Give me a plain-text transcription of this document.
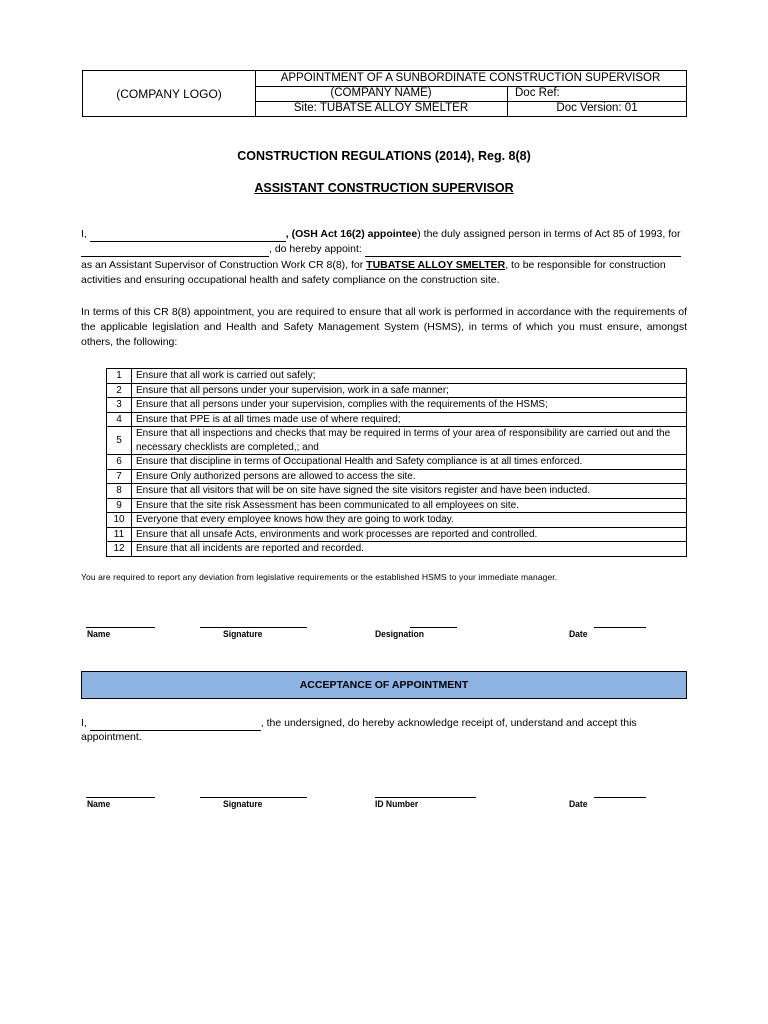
(COMPANY LOGO)
APPOINTMENT OF A SUNBORDINATE CONSTRUCTION SUPERVISOR
(COMPANY NAME)	Doc Ref:
Site: TUBATSE ALLOY SMELTER	Doc Version: 01
CONSTRUCTION REGULATIONS (2014), Reg. 8(8)
ASSISTANT CONSTRUCTION SUPERVISOR
I,	, (OSH Act 16(2) appointee) the duly assigned person in terms of Act 85 of 1993, for
, do hereby appoint:
as an Assistant Supervisor of Construction Work CR 8(8), for TUBATSE ALLOY SMELTER, to be responsible for construction
activities and ensuring occupational health and safety compliance on the construction site.
In terms of this CR 8(8) appointment, you are required to ensure that all work is performed in accordance with the requirements of the applicable legislation and Health and Safety Management System (HSMS), in terms of which you must ensure, amongst others, the following:
1	Ensure that all work is carried out safely;
2	Ensure that all persons under your supervision, work in a safe manner;
3	Ensure that all persons under your supervision, complies with the requirements of the HSMS;
4	Ensure that PPE is at all times made use of where required;
5	Ensure that all inspections and checks that may be required in terms of your area of responsibility are carried out and the necessary checklists are completed,; and
6	Ensure that discipline in terms of Occupational Health and Safety compliance is at all times enforced.
7	Ensure Only authorized persons are allowed to access the site.
8	Ensure that all visitors that will be on site have signed the site visitors register and have been inducted.
9	Ensure that the site risk Assessment has been communicated to all employees on site.
10	Everyone that every employee knows how they are going to work today.
11	Ensure that all unsafe Acts, environments and work processes are reported and controlled.
12	Ensure that all incidents are reported and recorded.
You are required to report any deviation from legislative requirements or the established HSMS to your immediate manager.
Name	Signature	Designation	Date
ACCEPTANCE OF APPOINTMENT
I,	, the undersigned, do hereby acknowledge receipt of, understand and accept this
appointment.
Name	Signature	ID Number	Date
